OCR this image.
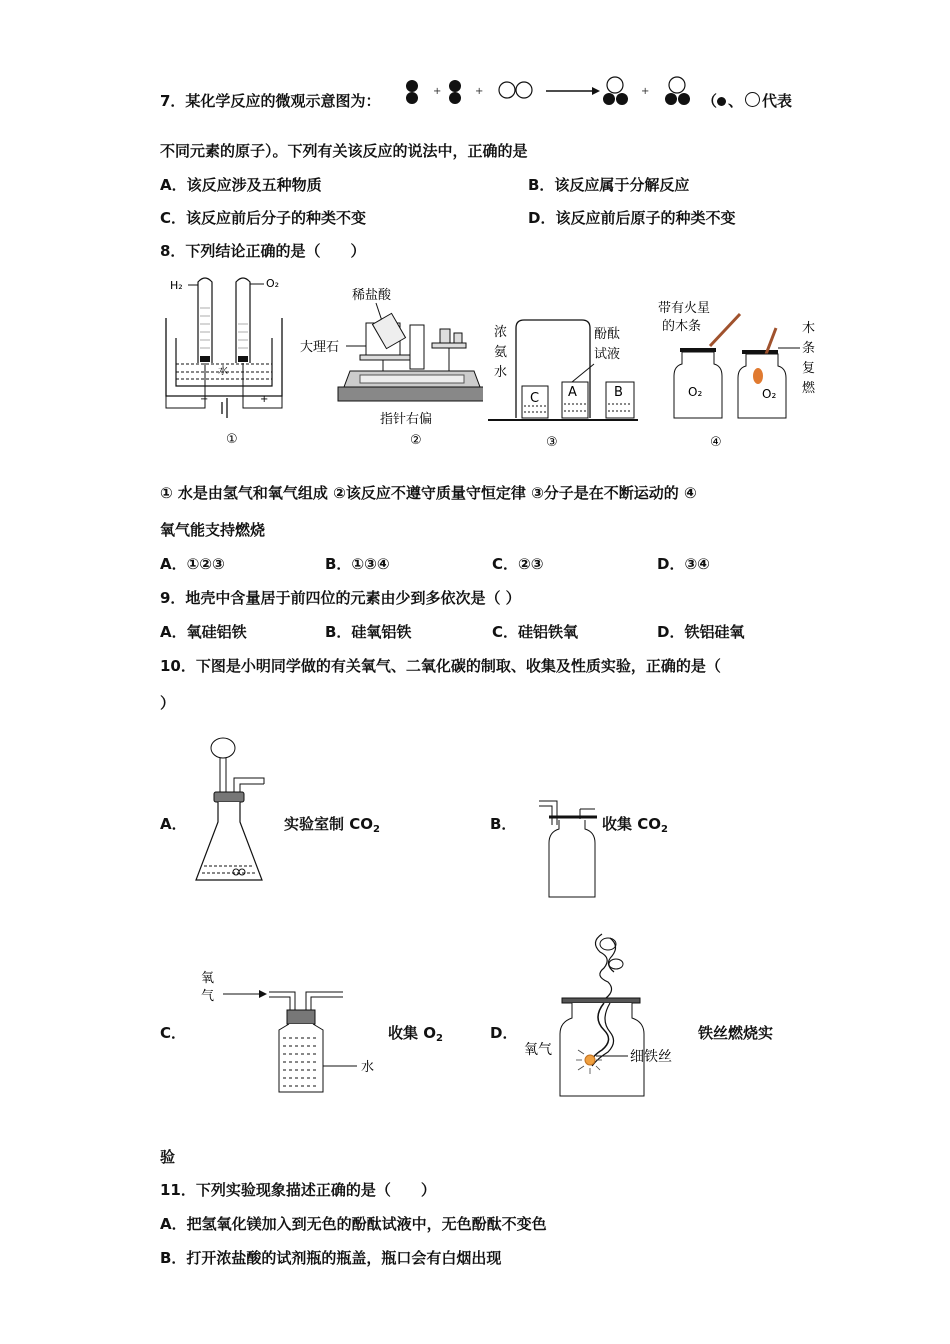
7．某化学反应的微观示意图为：
+	+	+
（ 、 代表
不同元素的原子）。下列有关该反应的说法中，正确的是
A．该反应涉及五种物质	B．该反应属于分解反应
C．该反应前后分子的种类不变	D．该反应前后原子的种类不变
8．下列结论正确的是（　　）
H₂	O₂
水
−	+
①
稀盐酸
大理石
指针右偏
②
浓
氨
水
酚酞
试液
C A	B
③
带有火星
的木条
O₂	O₂
木
条
复
燃
④
① 水是由氢气和氧气组成 ②该反应不遵守质量守恒定律 ③分子是在不断运动的 ④
氧气能支持燃烧
A．①②③	B．①③④	C．②③	D．③④
9．地壳中含量居于前四位的元素由少到多依次是（ ）
A．氧硅铝铁	B．硅氧铝铁	C．硅铝铁氧	D．铁铝硅氧
10．下图是小明同学做的有关氧气、二氧化碳的制取、收集及性质实验，正确的是（
）
A．	实验室制 $CO_2$	B．	收集 $CO_2$
C．
氧
气
水
收集 $O_2$	D．
氧气	细铁丝
铁丝燃烧实
验
11．下列实验现象描述正确的是（　　）
A．把氢氧化镁加入到无色的酚酞试液中，无色酚酞不变色
B．打开浓盐酸的试剂瓶的瓶盖，瓶口会有白烟出现
